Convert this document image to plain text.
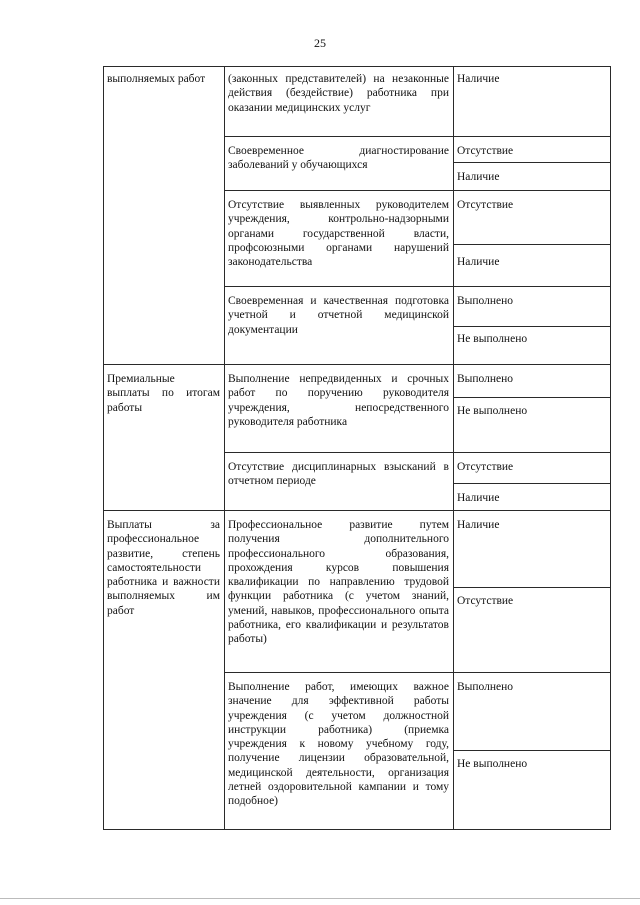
25
выполняемых работ
Премиальные выплаты по итогам работы
Выплаты за профессиональное развитие, степень самостоятельности работника и важности выполняемых им работ
(законных представителей) на незаконные действия (бездействие) работника при оказании медицинских услуг
Своевременное диагностирование заболеваний у обучающихся
Отсутствие выявленных руководителем учреждения, контрольно-надзорными органами государственной власти, профсоюзными органами нарушений законодательства
Своевременная и качественная подготовка учетной и отчетной медицинской документации
Выполнение непредвиденных и срочных работ по поручению руководителя учреждения, непосредственного руководителя работника
Отсутствие дисциплинарных взысканий в отчетном периоде
Профессиональное развитие путем получения дополнительного профессионального образования, прохождения курсов повышения квалификации по направлению трудовой функции работника (с учетом знаний, умений, навыков, профессионального опыта работника, его квалификации и результатов работы)
Выполнение работ, имеющих важное значение для эффективной работы учреждения (с учетом должностной инструкции работника) (приемка учреждения к новому учебному году, получение лицензии образовательной, медицинской деятельности, организация летней оздоровительной кампании и тому подобное)
Наличие
Отсутствие
Наличие
Отсутствие
Наличие
Выполнено
Не выполнено
Выполнено
Не выполнено
Отсутствие
Наличие
Наличие
Отсутствие
Выполнено
Не выполнено
